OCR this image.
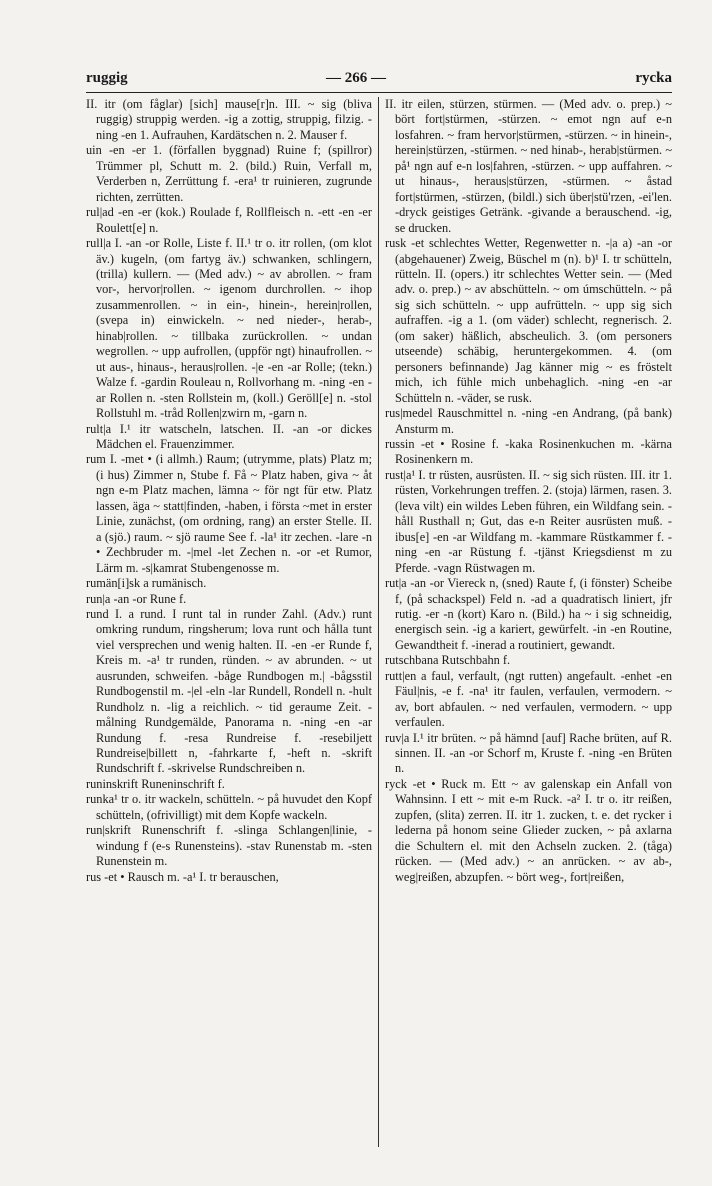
ruggig	— 266 —	rycka

II. itr (om fåglar) [sich] mause[r]n. III. ~ sig (bliva ruggig) struppig werden. -ig a zottig, struppig, filzig. -ning -en 1. Aufrauhen, Kardätschen n. 2. Mauser f.

uin -en -er 1. (förfallen byggnad) Ruine f; (spillror) Trümmer pl, Schutt m. 2. (bild.) Ruin, Verfall m, Verderben n, Zerrüttung f. -era¹ tr ruinieren, zugrunde richten, zerrütten.

rul|ad -en -er (kok.) Roulade f, Rollfleisch n. -ett -en -er Roulett[e] n.

rull|a I. -an -or Rolle, Liste f. II.¹ tr o. itr rollen, (om klot äv.) kugeln, (om fartyg äv.) schwanken, schlingern, (trilla) kullern. — (Med adv.) ~ av abrollen. ~ fram vor-, hervor|rollen. ~ igenom durchrollen. ~ ihop zusammenrollen. ~ in ein-, hinein-, herein|rollen, (svepa in) einwickeln. ~ ned nieder-, herab-, hinab|rollen. ~ tillbaka zurückrollen. ~ undan wegrollen. ~ upp aufrollen, (uppför ngt) hinaufrollen. ~ ut aus-, hinaus-, heraus|rollen. -|e -en -ar Rolle; (tekn.) Walze f. -gardin Rouleau n, Rollvorhang m. -ning -en -ar Rollen n. -sten Rollstein m, (koll.) Geröll[e] n. -stol Rollstuhl m. -tråd Rollen|zwirn m, -garn n.

rult|a I.¹ itr watscheln, latschen. II. -an -or dickes Mädchen el. Frauenzimmer.

rum I. -met • (i allmh.) Raum; (utrymme, plats) Platz m; (i hus) Zimmer n, Stube f. Få ~ Platz haben, giva ~ åt ngn e-m Platz machen, lämna ~ för ngt für etw. Platz lassen, äga ~ statt|finden, -haben, i första ~met in erster Linie, zunächst, (om ordning, rang) an erster Stelle. II. a (sjö.) raum. ~ sjö raume See f. -la¹ itr zechen. -lare -n • Zechbruder m. -|mel -let Zechen n. -or -et Rumor, Lärm m. -s|kamrat Stubengenosse m.

rumän[i]sk a rumänisch.

run|a -an -or Rune f.

rund I. a rund. I runt tal in runder Zahl. (Adv.) runt omkring rundum, ringsherum; lova runt och hålla tunt viel versprechen und wenig halten. II. -en -er Runde f, Kreis m. -a¹ tr runden, ründen. ~ av abrunden. ~ ut ausrunden, schweifen. -båge Rundbogen m.| -bågsstil Rundbogenstil m. -|el -eln -lar Rundell, Rondell n. -hult Rundholz n. -lig a reichlich. ~ tid geraume Zeit. -målning Rundgemälde, Panorama n. -ning -en -ar Rundung f. -resa Rundreise f. -resebiljett Rundreise|billett n, -fahrkarte f, -heft n. -skrift Rundschrift f. -skrivelse Rundschreiben n.

runinskrift Runeninschrift f.

runka¹ tr o. itr wackeln, schütteln. ~ på huvudet den Kopf schütteln, (ofrivilligt) mit dem Kopfe wackeln.

run|skrift Runenschrift f. -slinga Schlangen|linie, -windung f (e-s Runensteins). -stav Runenstab m. -sten Runenstein m.

rus -et • Rausch m. -a¹ I. tr berauschen,

II. itr eilen, stürzen, stürmen. — (Med adv. o. prep.) ~ bört fort|stürmen, -stürzen. ~ emot ngn auf e-n losfahren. ~ fram hervor|stürmen, -stürzen. ~ in hinein-, herein|stürzen, -stürmen. ~ ned hinab-, herab|stürmen. ~ på¹ ngn auf e-n los|fahren, -stürzen. ~ upp auffahren. ~ ut hinaus-, heraus|stürzen, -stürmen. ~ åstad fort|stürmen, -stürzen, (bildl.) sich über|stü'rzen, -ei'len. -dryck geistiges Getränk. -givande a berauschend. -ig, se drucken.

rusk -et schlechtes Wetter, Regenwetter n. -|a a) -an -or (abgehauener) Zweig, Büschel m (n). b)¹ I. tr schütteln, rütteln. II. (opers.) itr schlechtes Wetter sein. — (Med adv. o. prep.) ~ av abschütteln. ~ om úmschütteln. ~ på sig sich schütteln. ~ upp aufrütteln. ~ upp sig sich aufraffen. -ig a 1. (om väder) schlecht, regnerisch. 2. (om saker) häßlich, abscheulich. 3. (om personers utseende) schäbig, heruntergekommen. 4. (om personers befinnande) Jag känner mig ~ es fröstelt mich, ich fühle mich unbehaglich. -ning -en -ar Schütteln n. -väder, se rusk.

rus|medel Rauschmittel n. -ning -en Andrang, (på bank) Ansturm m.

russin -et • Rosine f. -kaka Rosinenkuchen m. -kärna Rosinenkern m.

rust|a¹ I. tr rüsten, ausrüsten. II. ~ sig sich rüsten. III. itr 1. rüsten, Vorkehrungen treffen. 2. (stoja) lärmen, rasen. 3. (leva vilt) ein wildes Leben führen, ein Wildfang sein. -håll Rusthall n; Gut, das e-n Reiter ausrüsten muß. -ibus[e] -en -ar Wildfang m. -kammare Rüstkammer f. -ning -en -ar Rüstung f. -tjänst Kriegsdienst m zu Pferde. -vagn Rüstwagen m.

rut|a -an -or Viereck n, (sned) Raute f, (i fönster) Scheibe f, (på schackspel) Feld n. -ad a quadratisch liniert, jfr rutig. -er -n (kort) Karo n. (Bild.) ha ~ i sig schneidig, energisch sein. -ig a kariert, gewürfelt. -in -en Routine, Gewandtheit f. -inerad a routiniert, gewandt.

rutschbana Rutschbahn f.

rutt|en a faul, verfault, (ngt rutten) angefault. -enhet -en Fäul|nis, -e f. -na¹ itr faulen, verfaulen, vermodern. ~ av, bort abfaulen. ~ ned verfaulen, vermodern. ~ upp verfaulen.

ruv|a I.¹ itr brüten. ~ på hämnd [auf] Rache brüten, auf R. sinnen. II. -an -or Schorf m, Kruste f. -ning -en Brüten n.

ryck -et • Ruck m. Ett ~ av galenskap ein Anfall von Wahnsinn. I ett ~ mit e-m Ruck. -a² I. tr o. itr reißen, zupfen, (slita) zerren. II. itr 1. zucken, t. e. det rycker i lederna på honom seine Glieder zucken, ~ på axlarna die Schultern el. mit den Achseln zucken. 2. (tåga) rücken. — (Med adv.) ~ an anrücken. ~ av ab-, weg|reißen, abzupfen. ~ bört weg-, fort|reißen,
